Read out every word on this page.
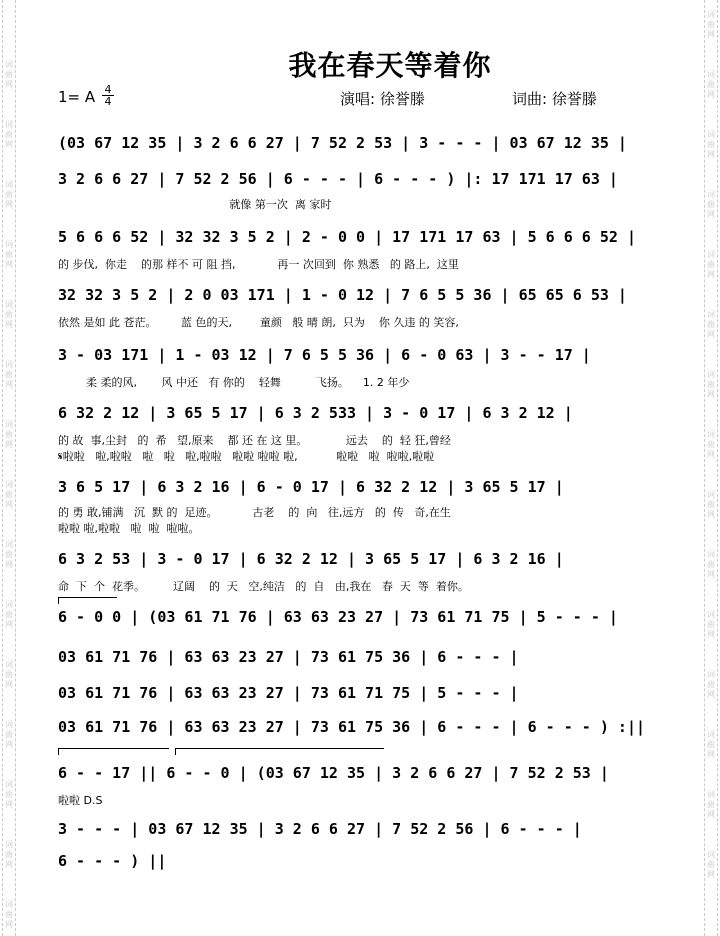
词曲网
词曲网
词曲网
词曲网
词曲网
词曲网
词曲网
词曲网
词曲网
词曲网
词曲网
词曲网
词曲网
词曲网
词曲网
词曲网
词曲网
词曲网
词曲网
词曲网
词曲网
词曲网
词曲网
词曲网
词曲网
词曲网
词曲网
词曲网
词曲网
词曲网
我在春天等着你
1= A $\frac{4}{4}$	演唱: 徐誉滕	词曲: 徐誉滕
(03 67 12 35 | 3 2 6 6 27 | 7 52 2 53 | 3 - - - | 03 67 12 35 |
3 2 6 6 27 | 7 52 2 56 | 6 - - - | 6 - - - ) |: 17 171 17 63 |
就像 第一次  离 家时
5 6 6 6 52 | 32 32 3 5 2 | 2 - 0 0 | 17 171 17 63 | 5 6 6 6 52 |
的 步伐,  你走    的那 样不 可 阻 挡,            再一 次回到  你 熟悉   的 路上,  这里
32 32 3 5 2 | 2 0 03 171 | 1 - 0 12 | 7 6 5 5 36 | 65 65 6 53 |
依然 是如 此 苍茫。       蓝 色的天,        童颜   般 晴 朗,  只为    你 久违 的 笑容,
3 - 03 171 | 1 - 03 12 | 7 6 5 5 36 | 6 - 0 63 | 3 - - 17 |
柔 柔的风,       风 中还   有 你的    轻舞          飞扬。    1. 2 年少
6 32 2 12 | 3 65 5 17 | 6 3 2 533 | 3 - 0 17 | 6 3 2 12 |
的 故  事,尘封   的  希   望,原来    都 还 在 这 里。           远去    的  轻 狂,曾经
𝄋啦啦   啦,啦啦   啦   啦   啦,啦啦   啦啦 啦啦 啦,           啦啦   啦  啦啦,啦啦
3 6 5 17 | 6 3 2 16 | 6 - 0 17 | 6 32 2 12 | 3 65 5 17 |
的 勇 敢,铺满   沉  默 的  足迹。          古老    的  向   往,远方   的  传   奇,在生
啦啦 啦,啦啦   啦  啦  啦啦。
6 3 2 53 | 3 - 0 17 | 6 32 2 12 | 3 65 5 17 | 6 3 2 16 |
命  下  个  花季。        辽阔    的  天   空,纯洁   的  自   由,我在   春  天  等  着你。
6 - 0 0 | (03 61 71 76 | 63 63 23 27 | 73 61 71 75 | 5 - - - |
03 61 71 76 | 63 63 23 27 | 73 61 75 36 | 6 - - - |
03 61 71 76 | 63 63 23 27 | 73 61 71 75 | 5 - - - |
03 61 71 76 | 63 63 23 27 | 73 61 75 36 | 6 - - - | 6 - - - ) :||
6 - - 17 || 6 - - 0 | (03 67 12 35 | 3 2 6 6 27 | 7 52 2 53 |
啦啦 D.S
3 - - - | 03 67 12 35 | 3 2 6 6 27 | 7 52 2 56 | 6 - - - |
6 - - - ) ||
